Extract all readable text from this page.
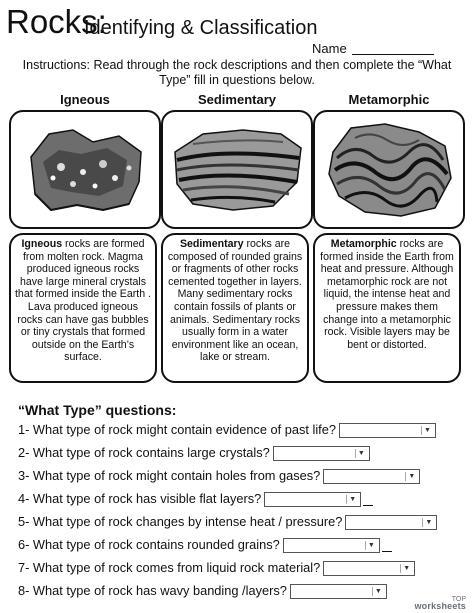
Rocks:
Identifying & Classification
Name
Instructions: Read through the rock descriptions and then complete the “What Type” fill in questions below.
Igneous	Sedimentary	Metamorphic
Igneous rocks are formed from molten rock. Magma produced igneous rocks have large mineral crystals that formed inside the Earth . Lava produced igneous rocks can have gas bubbles or tiny crystals that formed outside on the Earth’s surface.
Sedimentary rocks are composed of rounded grains or fragments of other rocks cemented together in layers. Many sedimentary rocks contain fossils of plants or animals. Sedimentary rocks usually form in a water environment like an ocean, lake or stream.
Metamorphic rocks are formed inside the Earth from heat and pressure. Although metamorphic rock are not liquid, the intense heat and pressure makes them change into a metamorphic rock. Visible layers may be bent or distorted.
“What Type” questions:
1- What type of rock might contain evidence of past life?	▼
2- What type of rock contains large crystals?	▼
3- What type of rock might contain holes from gases?	▼
4- What type of rock has visible flat layers?	▼
5- What type of rock changes by intense heat / pressure?	▼
6- What type of rock contains rounded grains?	▼
7- What type of rock comes from liquid rock material?	▼
8- What type of rock has wavy banding /layers?	▼
TOP
worksheets
